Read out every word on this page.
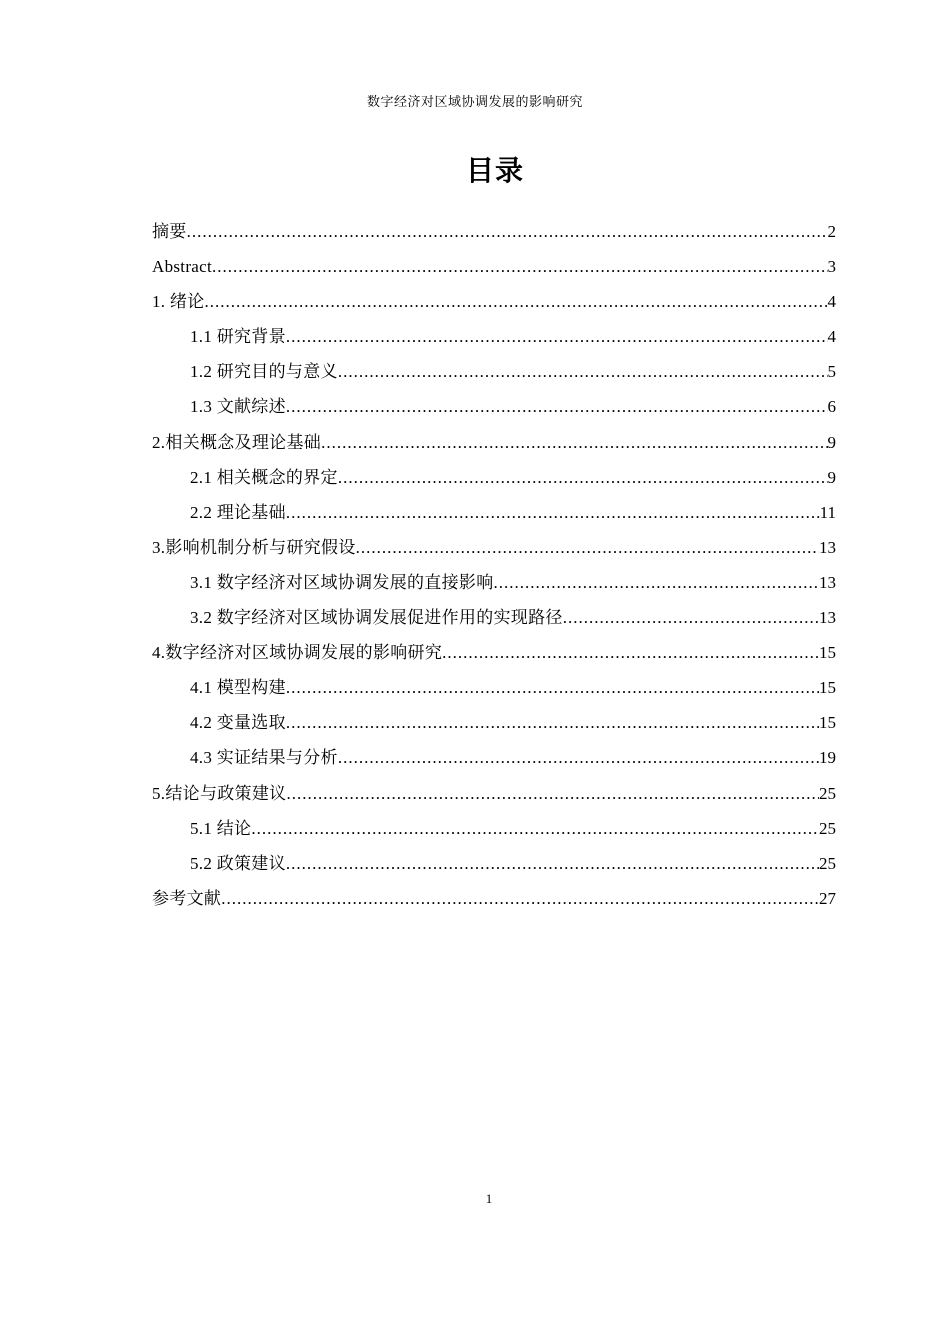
数字经济对区域协调发展的影响研究
目录
摘要 .....	2
Abstract .....	3
1. 绪论 .....	4
1.1 研究背景 .....	4
1.2 研究目的与意义 .....	5
1.3 文献综述 .....	6
2.相关概念及理论基础 .....	9
2.1 相关概念的界定 .....	9
2.2 理论基础 .....	11
3.影响机制分析与研究假设 .....	13
3.1 数字经济对区域协调发展的直接影响 .....	13
3.2 数字经济对区域协调发展促进作用的实现路径 .....	13
4.数字经济对区域协调发展的影响研究 .....	15
4.1 模型构建 .....	15
4.2 变量选取 .....	15
4.3 实证结果与分析 .....	19
5.结论与政策建议 .....	25
5.1 结论 .....	25
5.2 政策建议 .....	25
参考文献 .....	27
1
